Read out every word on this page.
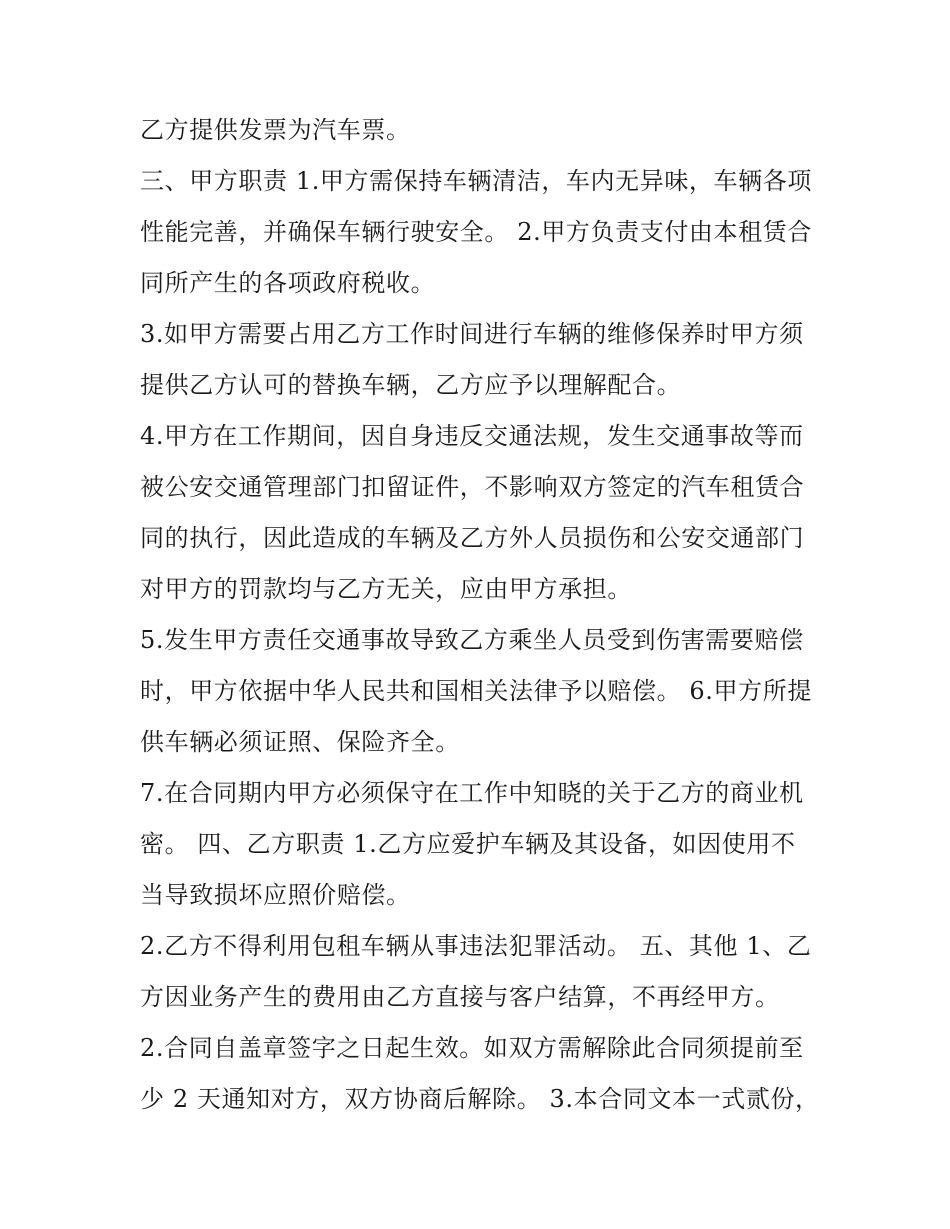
乙方提供发票为汽车票。
三、甲方职责 1.甲方需保持车辆清洁，车内无异味，车辆各项
性能完善，并确保车辆行驶安全。 2.甲方负责支付由本租赁合
同所产生的各项政府税收。
3.如甲方需要占用乙方工作时间进行车辆的维修保养时甲方须
提供乙方认可的替换车辆，乙方应予以理解配合。
4.甲方在工作期间，因自身违反交通法规，发生交通事故等而
被公安交通管理部门扣留证件，不影响双方签定的汽车租赁合
同的执行，因此造成的车辆及乙方外人员损伤和公安交通部门
对甲方的罚款均与乙方无关，应由甲方承担。
5.发生甲方责任交通事故导致乙方乘坐人员受到伤害需要赔偿
时，甲方依据中华人民共和国相关法律予以赔偿。 6.甲方所提
供车辆必须证照、保险齐全。
7.在合同期内甲方必须保守在工作中知晓的关于乙方的商业机
密。 四、乙方职责 1.乙方应爱护车辆及其设备，如因使用不
当导致损坏应照价赔偿。
2.乙方不得利用包租车辆从事违法犯罪活动。 五、其他 1、乙
方因业务产生的费用由乙方直接与客户结算，不再经甲方。
2.合同自盖章签字之日起生效。如双方需解除此合同须提前至
少 2 天通知对方，双方协商后解除。 3.本合同文本一式贰份，
